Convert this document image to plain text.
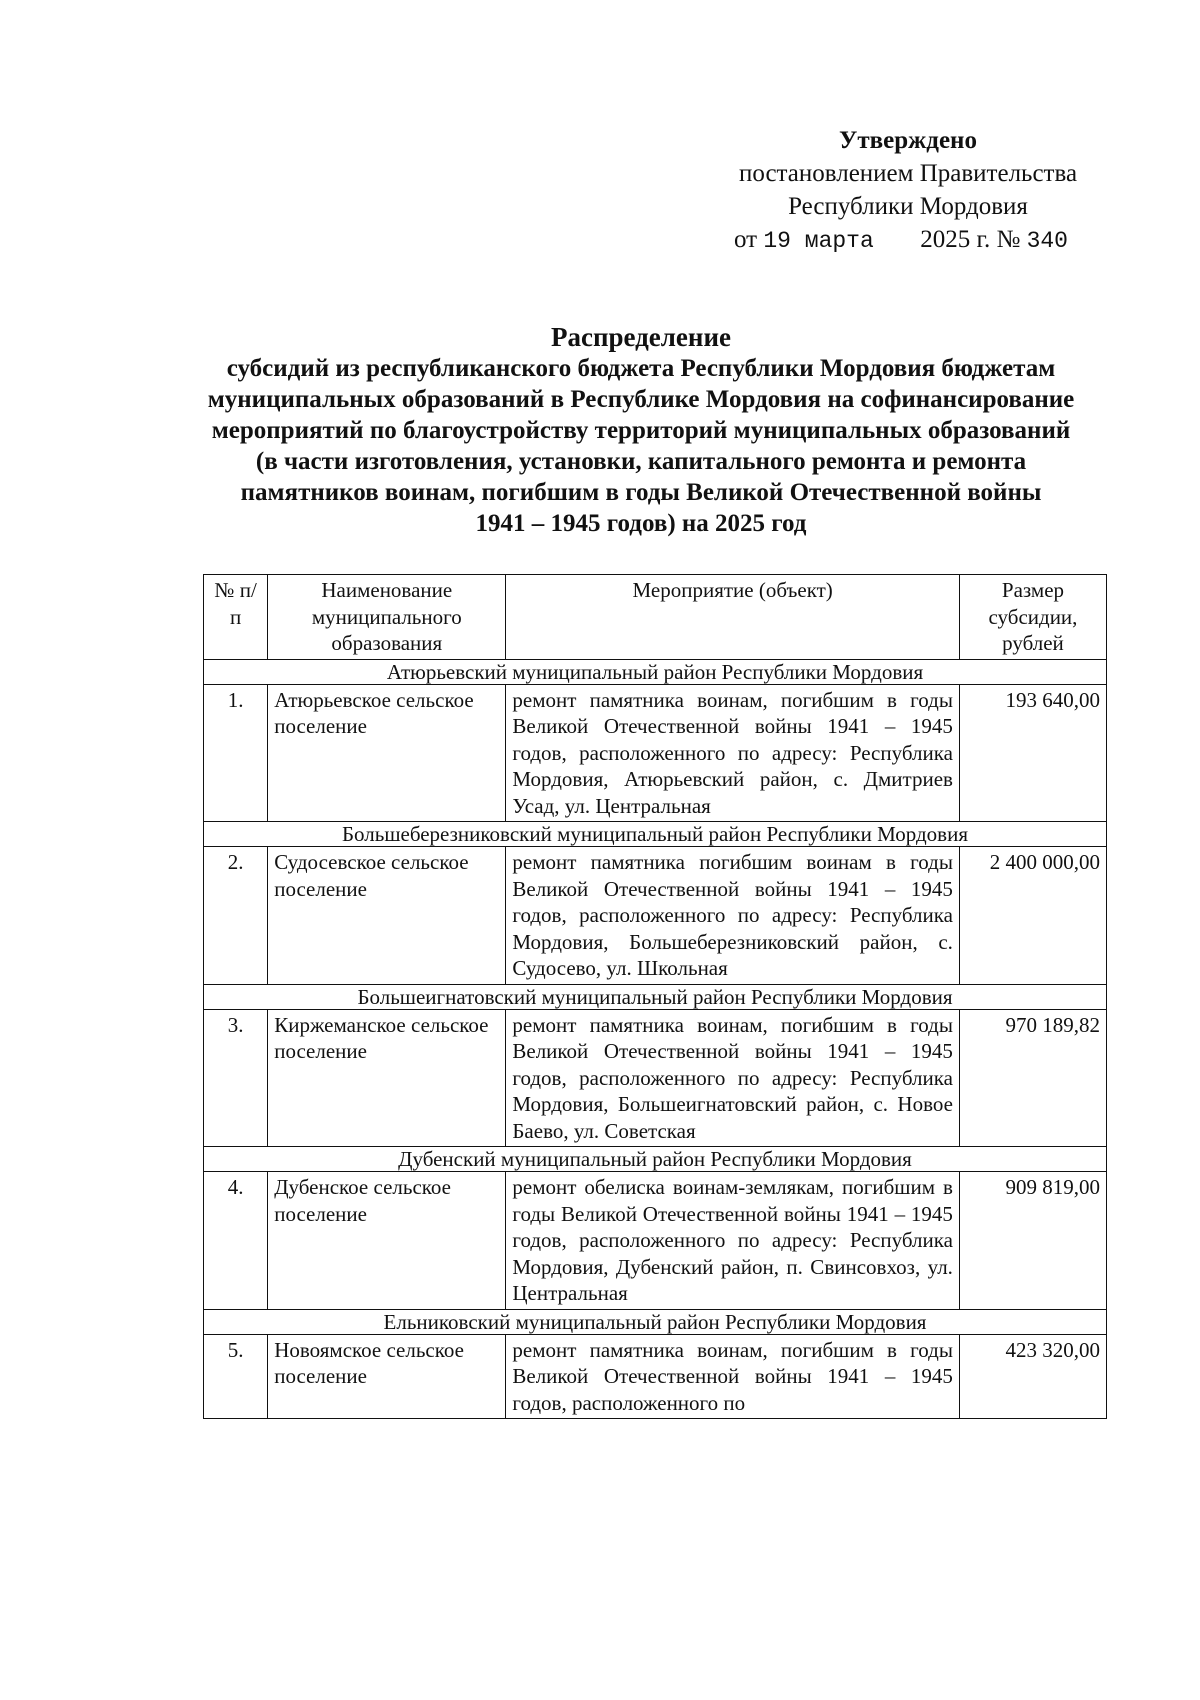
Утверждено
постановлением Правительства
Республики Мордовия
от 19 марта 2025 г. № 340
Распределение
субсидий из республиканского бюджета Республики Мордовия бюджетам
муниципальных образований в Республике Мордовия на софинансирование
мероприятий по благоустройству территорий муниципальных образований
(в части изготовления, установки, капитального ремонта и ремонта
памятников воинам, погибшим в годы Великой Отечественной войны
1941 – 1945 годов) на 2025 год
№ п/п	Наименование муниципального образования	Мероприятие (объект)	Размер субсидии, рублей
Атюрьевский муниципальный район Республики Мордовия			
1.	Атюрьевское сельское поселение	ремонт памятника воинам, погибшим в годы Великой Отечественной войны 1941 – 1945 годов, расположенного по адресу: Республика Мордовия, Атюрьевский район, с. Дмитриев Усад, ул. Центральная	193 640,00
Большеберезниковский муниципальный район Республики Мордовия			
2.	Судосевское сельское поселение	ремонт памятника погибшим воинам в годы Великой Отечественной войны 1941 – 1945 годов, расположенного по адресу: Республика Мордовия, Большеберезниковский район, с. Судосево, ул. Школьная	2 400 000,00
Большеигнатовский муниципальный район Республики Мордовия			
3.	Киржеманское сельское поселение	ремонт памятника воинам, погибшим в годы Великой Отечественной войны 1941 – 1945 годов, расположенного по адресу: Республика Мордовия, Большеигнатовский район, с. Новое Баево, ул. Советская	970 189,82
Дубенский муниципальный район Республики Мордовия			
4.	Дубенское сельское поселение	ремонт обелиска воинам-землякам, погибшим в годы Великой Отечественной войны 1941 – 1945 годов, расположенного по адресу: Республика Мордовия, Дубенский район, п. Свинсовхоз, ул. Центральная	909 819,00
Ельниковский муниципальный район Республики Мордовия			
5.	Новоямское сельское поселение	ремонт памятника воинам, погибшим в годы Великой Отечественной войны 1941 – 1945 годов, расположенного по	423 320,00
